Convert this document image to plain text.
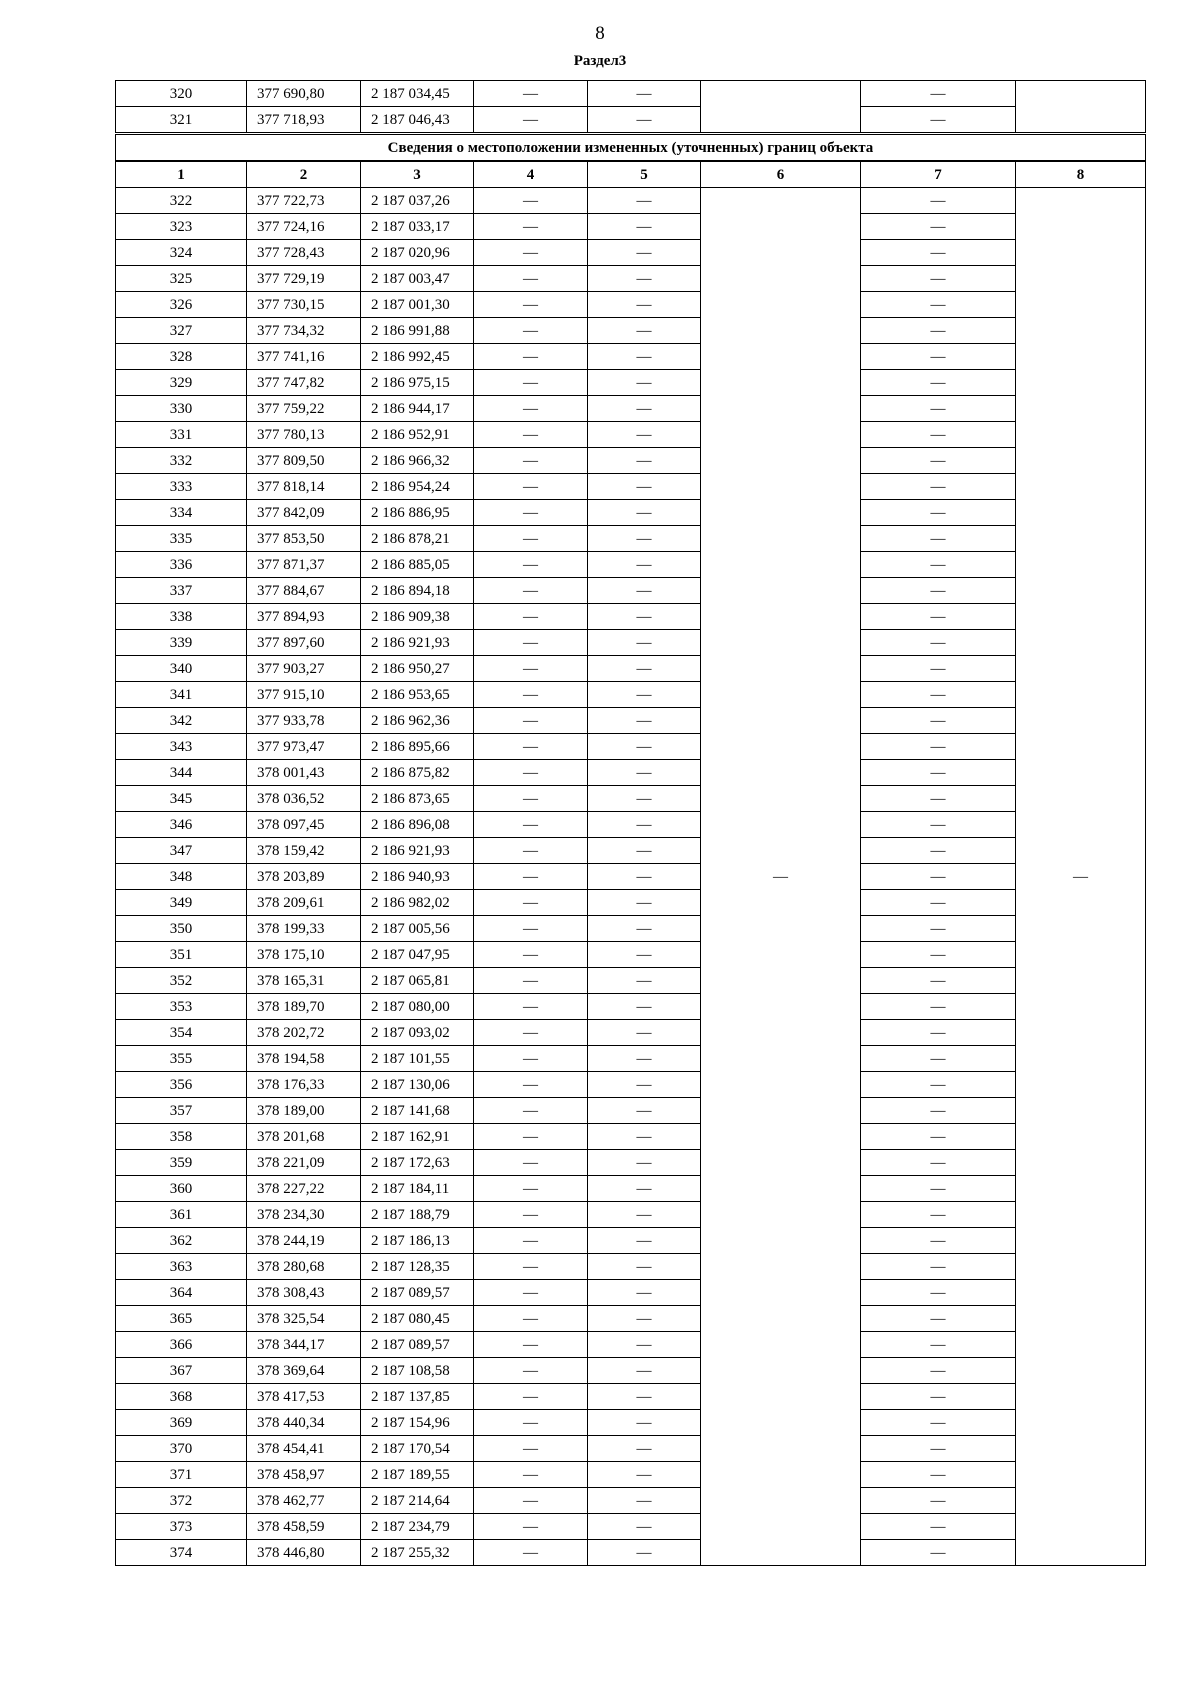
8
Раздел3
320	377 690,80	2 187 034,45	—	—		—	
321	377 718,93	2 187 046,43	—	—		—	
Сведения о местоположении измененных (уточненных) границ объекта							
1	2	3	4	5	6	7	8
322	377 722,73	2 187 037,26	—	—	—	—	—
323	377 724,16	2 187 033,17	—	—		—	
324	377 728,43	2 187 020,96	—	—		—	
325	377 729,19	2 187 003,47	—	—		—	
326	377 730,15	2 187 001,30	—	—		—	
327	377 734,32	2 186 991,88	—	—		—	
328	377 741,16	2 186 992,45	—	—		—	
329	377 747,82	2 186 975,15	—	—		—	
330	377 759,22	2 186 944,17	—	—		—	
331	377 780,13	2 186 952,91	—	—		—	
332	377 809,50	2 186 966,32	—	—		—	
333	377 818,14	2 186 954,24	—	—		—	
334	377 842,09	2 186 886,95	—	—		—	
335	377 853,50	2 186 878,21	—	—		—	
336	377 871,37	2 186 885,05	—	—		—	
337	377 884,67	2 186 894,18	—	—		—	
338	377 894,93	2 186 909,38	—	—		—	
339	377 897,60	2 186 921,93	—	—		—	
340	377 903,27	2 186 950,27	—	—		—	
341	377 915,10	2 186 953,65	—	—		—	
342	377 933,78	2 186 962,36	—	—		—	
343	377 973,47	2 186 895,66	—	—		—	
344	378 001,43	2 186 875,82	—	—		—	
345	378 036,52	2 186 873,65	—	—		—	
346	378 097,45	2 186 896,08	—	—		—	
347	378 159,42	2 186 921,93	—	—		—	
348	378 203,89	2 186 940,93	—	—		—	
349	378 209,61	2 186 982,02	—	—		—	
350	378 199,33	2 187 005,56	—	—		—	
351	378 175,10	2 187 047,95	—	—		—	
352	378 165,31	2 187 065,81	—	—		—	
353	378 189,70	2 187 080,00	—	—		—	
354	378 202,72	2 187 093,02	—	—		—	
355	378 194,58	2 187 101,55	—	—		—	
356	378 176,33	2 187 130,06	—	—		—	
357	378 189,00	2 187 141,68	—	—		—	
358	378 201,68	2 187 162,91	—	—		—	
359	378 221,09	2 187 172,63	—	—		—	
360	378 227,22	2 187 184,11	—	—		—	
361	378 234,30	2 187 188,79	—	—		—	
362	378 244,19	2 187 186,13	—	—		—	
363	378 280,68	2 187 128,35	—	—		—	
364	378 308,43	2 187 089,57	—	—		—	
365	378 325,54	2 187 080,45	—	—		—	
366	378 344,17	2 187 089,57	—	—		—	
367	378 369,64	2 187 108,58	—	—		—	
368	378 417,53	2 187 137,85	—	—		—	
369	378 440,34	2 187 154,96	—	—		—	
370	378 454,41	2 187 170,54	—	—		—	
371	378 458,97	2 187 189,55	—	—		—	
372	378 462,77	2 187 214,64	—	—		—	
373	378 458,59	2 187 234,79	—	—		—	
374	378 446,80	2 187 255,32	—	—		—	
